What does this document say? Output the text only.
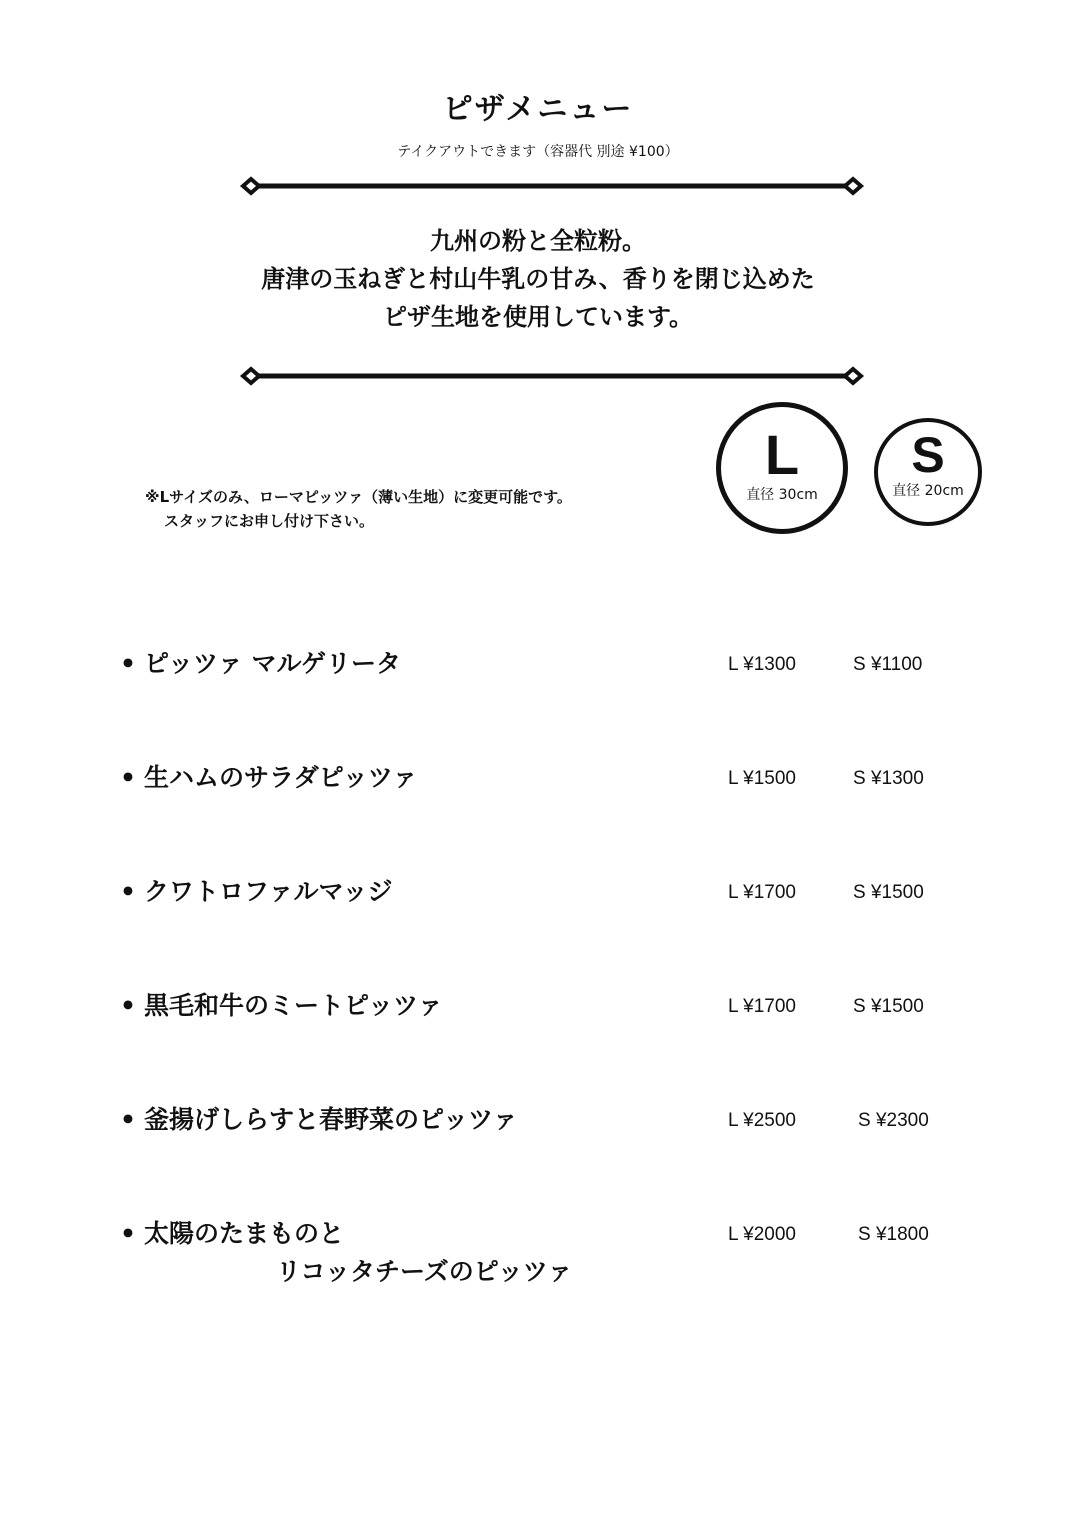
ピザメニュー
テイクアウトできます（容器代 別途 ¥100）
九州の粉と全粒粉。
唐津の玉ねぎと村山牛乳の甘み、香りを閉じ込めた
ピザ生地を使用しています。
※Lサイズのみ、ローマピッツァ（薄い生地）に変更可能です。
スタッフにお申し付け下さい。
L
直径 30cm
S
直径 20cm
• ピッツァ マルゲリータ	L ¥1300	S ¥1100
• 生ハムのサラダピッツァ	L ¥1500	S ¥1300
• クワトロファルマッジ	L ¥1700	S ¥1500
• 黒毛和牛のミートピッツァ	L ¥1700	S ¥1500
• 釜揚げしらすと春野菜のピッツァ	L ¥2500	S ¥2300
• 太陽のたまものと
リコッタチーズのピッツァ
L ¥2000	S ¥1800
